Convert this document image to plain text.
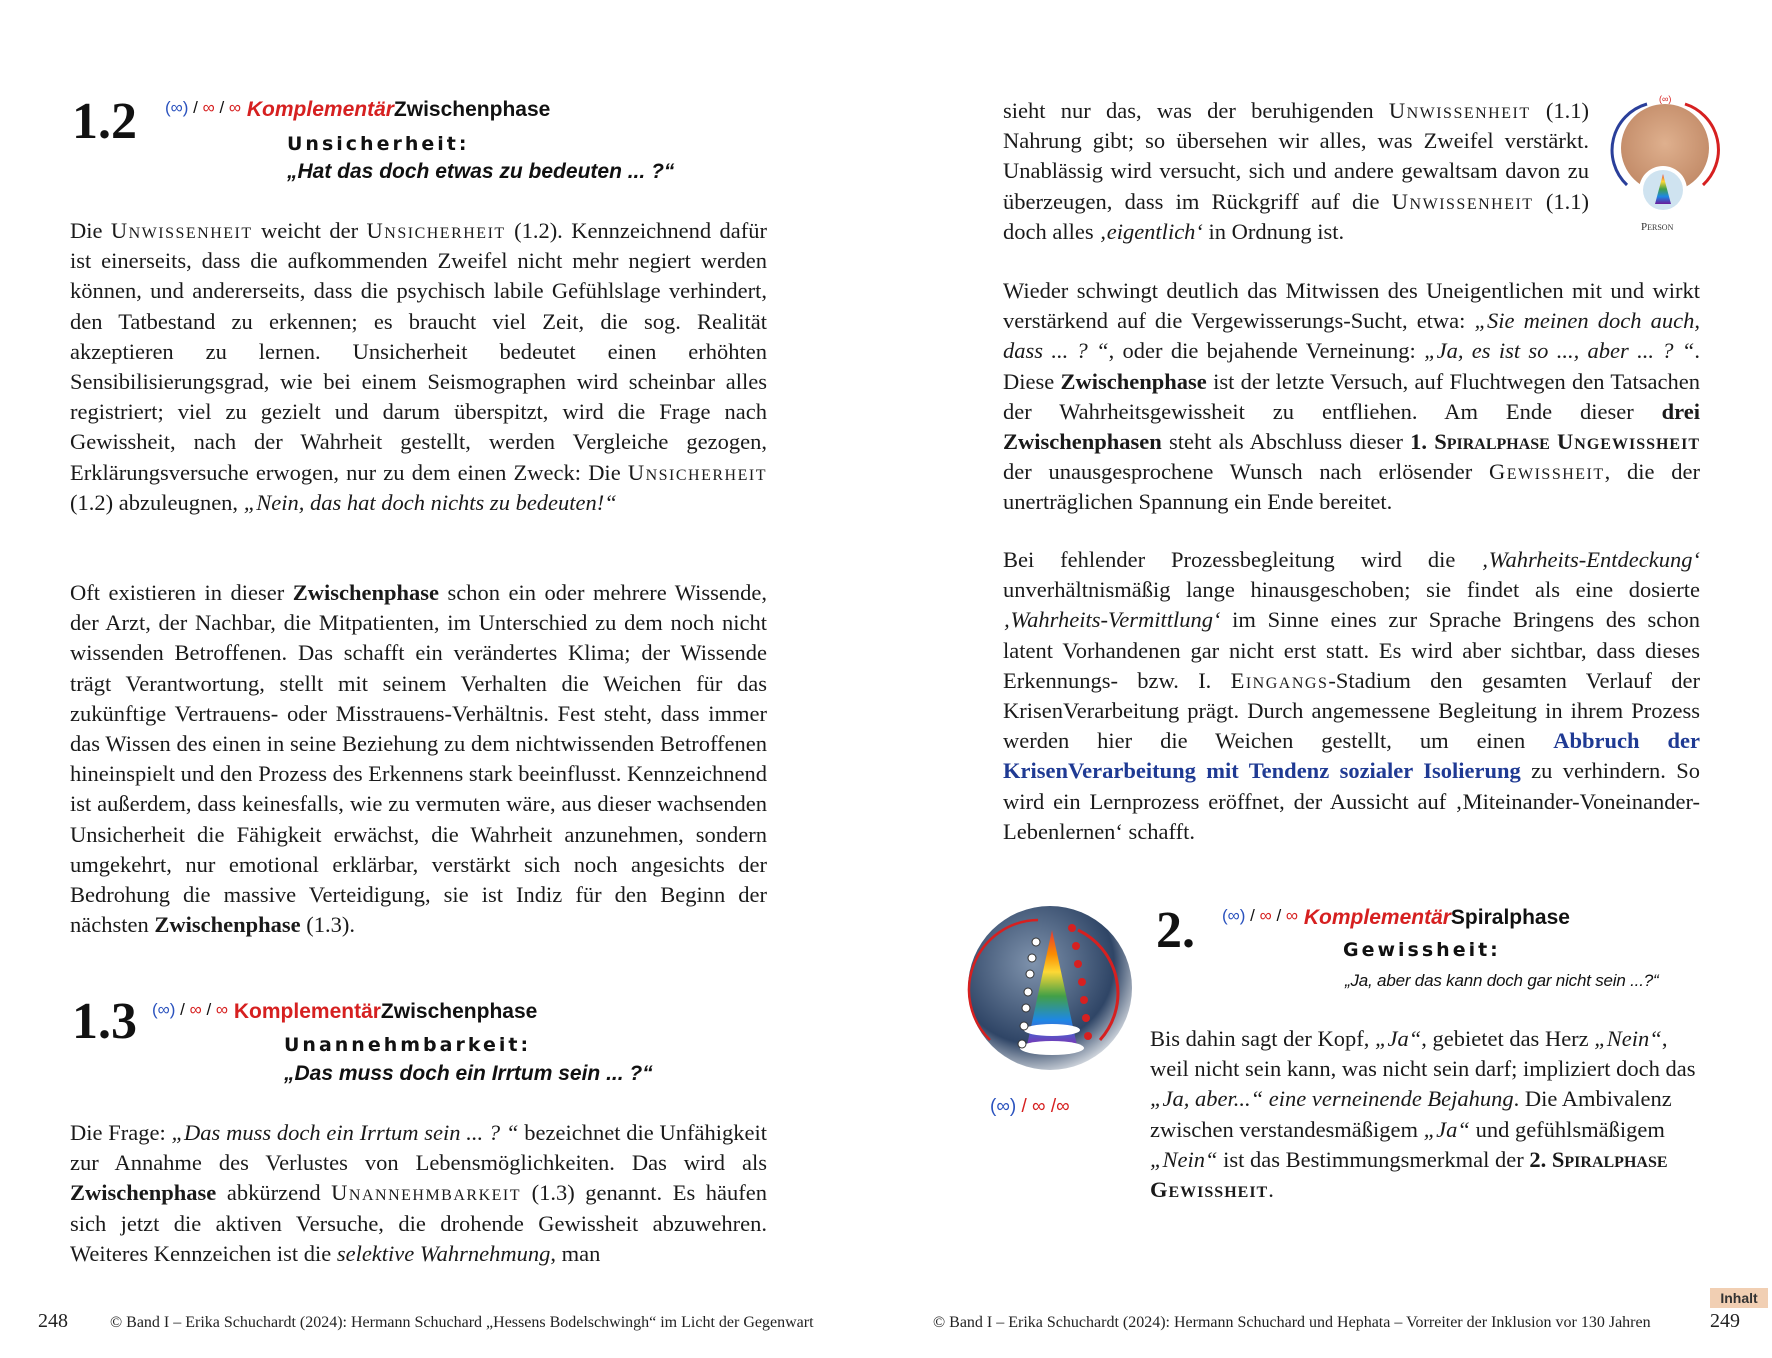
1.2 (∞) / ∞ / ∞ KomplementärZwischenphase
Unsicherheit:
„Hat das doch etwas zu bedeuten ... ?“

Die Unwissenheit weicht der Unsicherheit (1.2). Kennzeichnend dafür ist einerseits, dass die aufkommenden Zweifel nicht mehr negiert werden können, und andererseits, dass die psychisch labile Gefühlslage verhindert, den Tatbestand zu erkennen; es braucht viel Zeit, die sog. Realität akzeptieren zu lernen. Unsicherheit bedeutet einen erhöhten Sensibilisierungsgrad, wie bei einem Seismographen wird scheinbar alles registriert; viel zu gezielt und darum überspitzt, wird die Frage nach Gewissheit, nach der Wahrheit gestellt, werden Vergleiche gezogen, Erklärungsversuche erwogen, nur zu dem einen Zweck: Die Unsicherheit (1.2) abzuleugnen, „Nein, das hat doch nichts zu bedeuten!“

Oft existieren in dieser Zwischenphase schon ein oder mehrere Wissende, der Arzt, der Nachbar, die Mitpatienten, im Unterschied zu dem noch nicht wissenden Betroffenen. Das schafft ein verändertes Klima; der Wissende trägt Verantwortung, stellt mit seinem Verhalten die Weichen für das zukünftige Vertrauens- oder Misstrauens-Verhältnis. Fest steht, dass immer das Wissen des einen in seine Beziehung zu dem nichtwissenden Betroffenen hineinspielt und den Prozess des Erkennens stark beeinflusst. Kennzeichnend ist außerdem, dass keinesfalls, wie zu vermuten wäre, aus dieser wachsenden Unsicherheit die Fähigkeit erwächst, die Wahrheit anzunehmen, sondern umgekehrt, nur emotional erklärbar, verstärkt sich noch angesichts der Bedrohung die massive Verteidigung, sie ist Indiz für den Beginn der nächsten Zwischenphase (1.3).

1.3 (∞) / ∞ / ∞ KomplementärZwischenphase
Unannehmbarkeit:
„Das muss doch ein Irrtum sein ... ?“

Die Frage: „Das muss doch ein Irrtum sein ... ? “ bezeichnet die Unfähigkeit zur Annahme des Verlustes von Lebensmöglichkeiten. Das wird als Zwischenphase abkürzend Unannehmbarkeit (1.3) genannt. Es häufen sich jetzt die aktiven Versuche, die drohende Gewissheit abzuwehren. Weiteres Kennzeichen ist die selektive Wahrnehmung, man

248	© Band I – Erika Schuchardt (2024): Hermann Schuchard „Hessens Bodelschwingh“ im Licht der Gegenwart

sieht nur das, was der beruhigenden Unwissenheit (1.1) Nahrung gibt; so übersehen wir alles, was Zweifel verstärkt. Unablässig wird versucht, sich und andere gewaltsam davon zu überzeugen, dass im Rückgriff auf die Unwissenheit (1.1) doch alles ‚eigentlich‘ in Ordnung ist.

(∞)
Person

Wieder schwingt deutlich das Mitwissen des Uneigentlichen mit und wirkt verstärkend auf die Vergewisserungs-Sucht, etwa: „Sie meinen doch auch, dass ... ? “, oder die bejahende Verneinung: „Ja, es ist so ..., aber ... ? “. Diese Zwischenphase ist der letzte Versuch, auf Fluchtwegen den Tatsachen der Wahrheitsgewissheit zu entfliehen. Am Ende dieser drei Zwischenphasen steht als Abschluss dieser 1. Spiralphase Ungewissheit der unausgesprochene Wunsch nach erlösender Gewissheit, die der unerträglichen Spannung ein Ende bereitet.

Bei fehlender Prozessbegleitung wird die ‚Wahrheits-Entdeckung‘ unverhältnismäßig lange hinausgeschoben; sie findet als eine dosierte ‚Wahrheits-Vermittlung‘ im Sinne eines zur Sprache Bringens des schon latent Vorhandenen gar nicht erst statt. Es wird aber sichtbar, dass dieses Erkennungs- bzw. I. Eingangs-Stadium den gesamten Verlauf der KrisenVerarbeitung prägt. Durch angemessene Begleitung in ihrem Prozess werden hier die Weichen gestellt, um einen Abbruch der KrisenVerarbeitung mit Tendenz sozialer Isolierung zu verhindern. So wird ein Lernprozess eröffnet, der Aussicht auf ‚Miteinander-Voneinander-Lebenlernen‘ schafft.

(∞) / ∞ /∞
2. (∞) / ∞ / ∞ KomplementärSpiralphase
Gewissheit:
„Ja, aber das kann doch gar nicht sein ...?“

Bis dahin sagt der Kopf, „Ja“, gebietet das Herz „Nein“, weil nicht sein kann, was nicht sein darf; impliziert doch das „Ja, aber...“ eine verneinende Bejahung. Die Ambivalenz zwischen verstandesmäßigem „Ja“ und gefühlsmäßigem „Nein“ ist das Bestimmungsmerkmal der 2. Spiralphase Gewissheit.

© Band I – Erika Schuchardt (2024): Hermann Schuchard und Hephata – Vorreiter der Inklusion vor 130 Jahren	249
Inhalt
